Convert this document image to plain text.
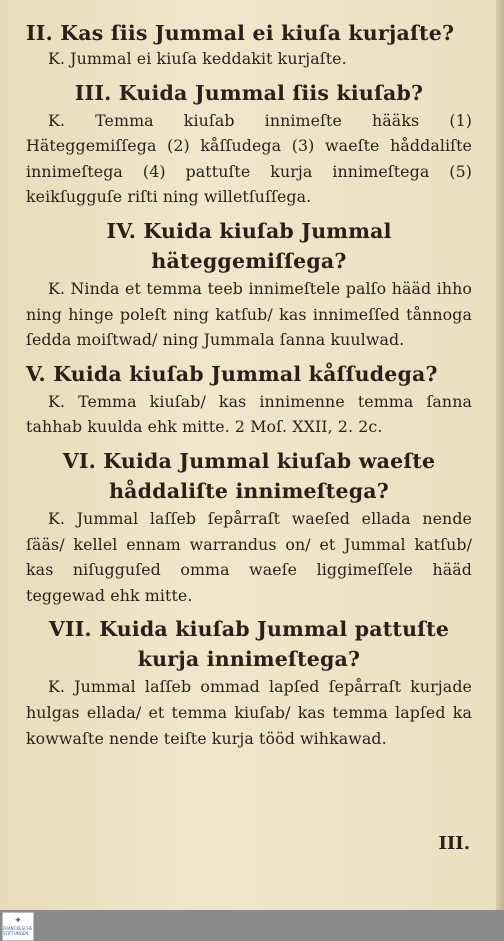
II. Kas ſiis Jummal ei kiuſa kurjaſte?

K. Jummal ei kiuſa keddakit kurjaſte.

III. Kuida Jummal ſiis kiuſab?

K. Temma kiuſab innimeſte hääks (1) Häteggemiſſega (2) kåſſudega (3) waeſte håddaliſte innimeſtega (4) pattuſte kurja innimeſtega (5) keikſugguſe riſti ning willetſuſſega.

IV. Kuida kiuſab Jummal häteggemiſſega?

K. Ninda et temma teeb innimeſtele palſo hääd ihho ning hinge poleſt ning katſub/ kas innimeſſed tånnoga ſedda moiſtwad/ ning Jummala ſanna kuulwad.

V. Kuida kiuſab Jummal kåſſudega?

K. Temma kiuſab/ kas innimenne temma ſanna tahhab kuulda ehk mitte. 2 Moſ. XXII, 2. 2c.

VI. Kuida Jummal kiuſab waeſte håddaliſte innimeſtega?

K. Jummal laſſeb ſepårraſt waeſed ellada nende ſääs/ kellel ennam warrandus on/ et Jummal katſub/ kas niſugguſed omma waeſe liggimeſſele hääd teggewad ehk mitte.

VII. Kuida kiuſab Jummal pattuſte kurja innimeſtega?

K. Jummal laſſeb ommad lapſed ſepårraſt kurjade hulgas ellada/ et temma kiuſab/ kas temma lapſed ka kowwaſte nende teiſte kurja tööd wihkawad.

III.
✦
FRANCKESCHE STIFTUNGEN
